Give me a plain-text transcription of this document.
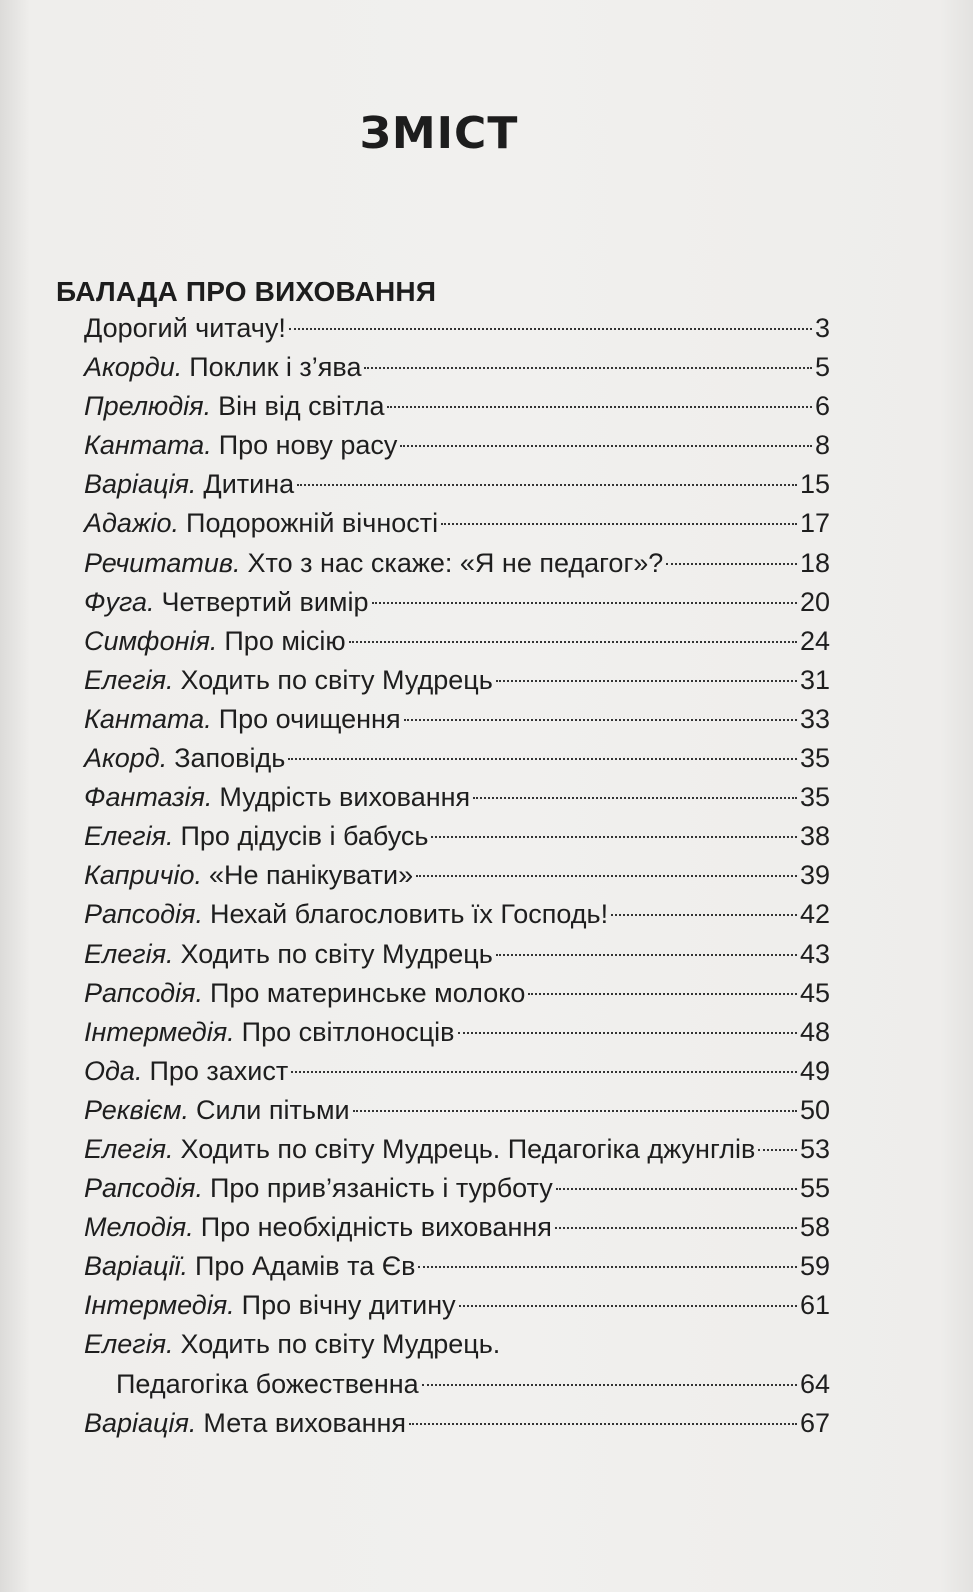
ЗМІСТ
БАЛАДА ПРО ВИХОВАННЯ
Дорогий читачу!	3
Акорди. Поклик і з’ява	5
Прелюдія. Він від світла	6
Кантата. Про нову расу	8
Варіація. Дитина	15
Адажіо. Подорожній вічності	17
Речитатив. Хто з нас скаже: «Я не педагог»?	18
Фуга. Четвертий вимір	20
Симфонія. Про місію	24
Елегія. Ходить по світу Мудрець	31
Кантата. Про очищення	33
Акорд. Заповідь	35
Фантазія. Мудрість виховання	35
Елегія. Про дідусів і бабусь	38
Капричіо. «Не панікувати»	39
Рапсодія. Нехай благословить їх Господь!	42
Елегія. Ходить по світу Мудрець	43
Рапсодія. Про материнське молоко	45
Інтермедія. Про світлоносців	48
Ода. Про захист	49
Реквієм. Сили пітьми	50
Елегія. Ходить по світу Мудрець. Педагогіка джунглів 53
Рапсодія. Про прив’язаність і турботу	55
Мелодія. Про необхідність виховання	58
Варіації. Про Адамів та Єв	59
Інтермедія. Про вічну дитину	61
Елегія. Ходить по світу Мудрець.
Педагогіка божественна	64
Варіація. Мета виховання	67
